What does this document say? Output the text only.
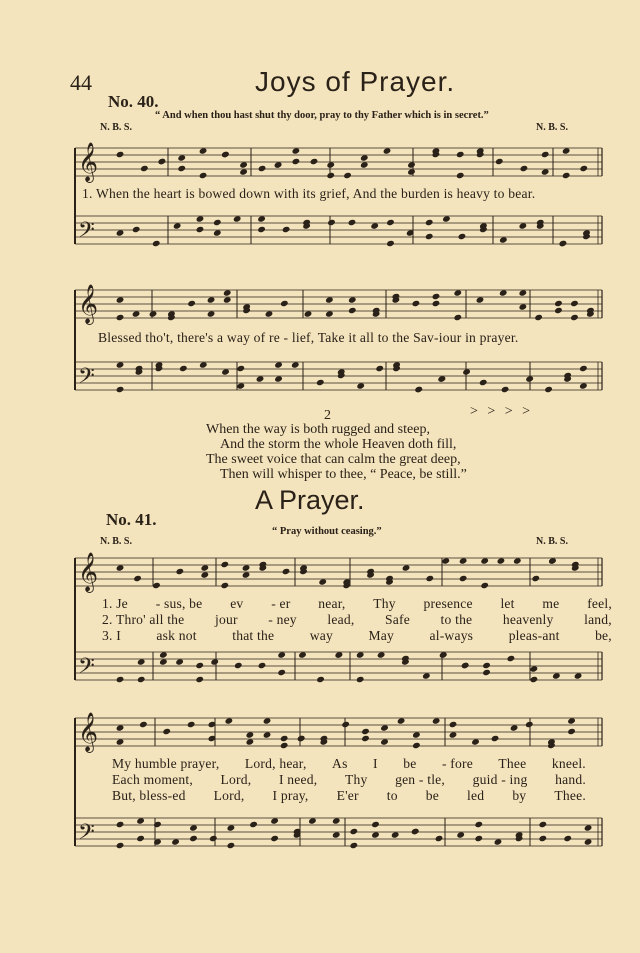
44	Joys of Prayer.
No. 40.
“ And when thou hast shut thy door, pray to thy Father which is in secret.”
N. B. S.	N. B. S.
𝄞
𝄢
𝄞
𝄢
𝄞
𝄢
𝄞
𝄢
1. When the heart is bowed down with its grief, And the burden is heavy to bear.
Blessed tho't, there's a way of re - lief, Take it all to the Sav-iour in prayer.
2
When the way is both rugged and steep,
And the storm the whole Heaven doth fill,
The sweet voice that can calm the great deep,
Then will whisper to thee, “ Peace, be still.”
> > > >
A Prayer.
No. 41.
“ Pray without ceasing.”
N. B. S.	N. B. S.
1. Je - sus, be ev - er near, Thy presence let me feel,
2. Thro' all the jour - ney lead, Safe to the heavenly land,
3. I	ask not	that the	way	May	al-ways	pleas-ant	be,
My humble prayer, Lord, hear, As I be - fore Thee kneel.
Each moment, Lord, I need, Thy gen - tle, guid - ing hand.
But, bless-ed Lord, I pray, E'er to be led by Thee.
